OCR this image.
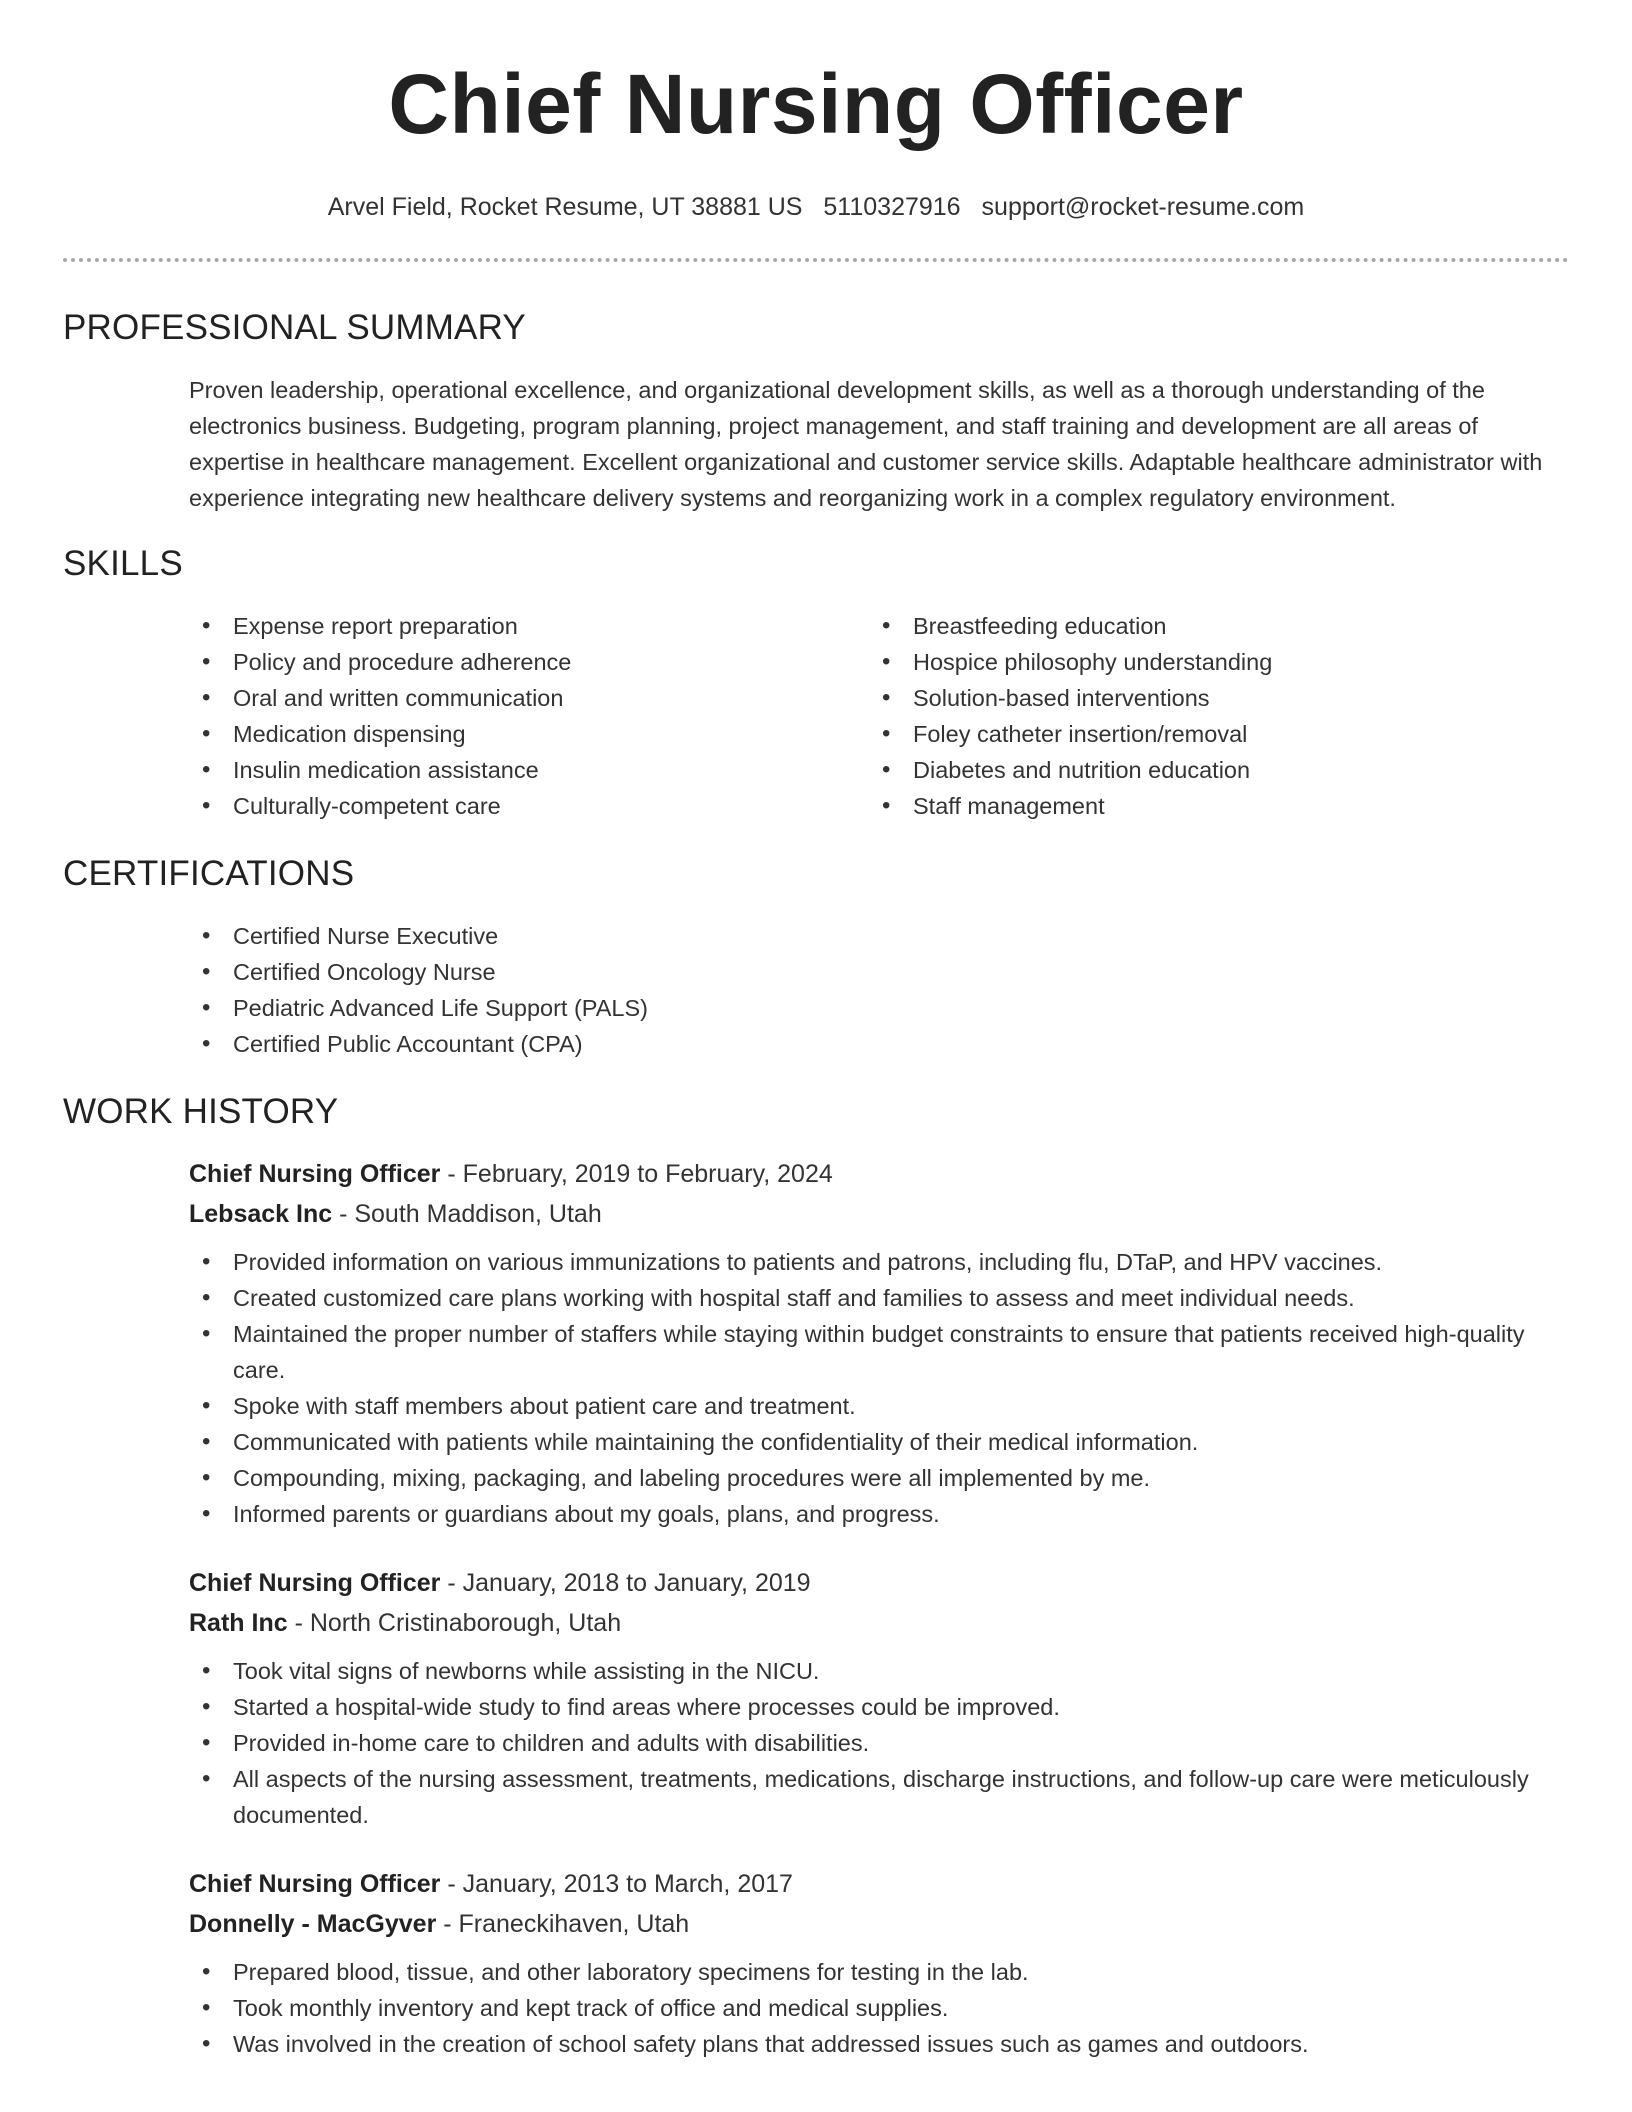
Chief Nursing Officer
Arvel Field, Rocket Resume, UT 38881 US 5110327916 support@rocket-resume.com
PROFESSIONAL SUMMARY

Proven leadership, operational excellence, and organizational development skills, as well as a thorough understanding of the electronics business. Budgeting, program planning, project management, and staff training and development are all areas of expertise in healthcare management. Excellent organizational and customer service skills. Adaptable healthcare administrator with experience integrating new healthcare delivery systems and reorganizing work in a complex regulatory environment.

SKILLS
• Expense report preparation
• Policy and procedure adherence
• Oral and written communication
• Medication dispensing
• Insulin medication assistance
• Culturally-competent care
• Breastfeeding education
• Hospice philosophy understanding
• Solution-based interventions
• Foley catheter insertion/removal
• Diabetes and nutrition education
• Staff management
CERTIFICATIONS
• Certified Nurse Executive
• Certified Oncology Nurse
• Pediatric Advanced Life Support (PALS)
• Certified Public Accountant (CPA)
WORK HISTORY
Chief Nursing Officer - February, 2019 to February, 2024
Lebsack Inc - South Maddison, Utah
• Provided information on various immunizations to patients and patrons, including flu, DTaP, and HPV vaccines.
• Created customized care plans working with hospital staff and families to assess and meet individual needs.
• Maintained the proper number of staffers while staying within budget constraints to ensure that patients received high-quality care.
• Spoke with staff members about patient care and treatment.
• Communicated with patients while maintaining the confidentiality of their medical information.
• Compounding, mixing, packaging, and labeling procedures were all implemented by me.
• Informed parents or guardians about my goals, plans, and progress.
Chief Nursing Officer - January, 2018 to January, 2019
Rath Inc - North Cristinaborough, Utah
• Took vital signs of newborns while assisting in the NICU.
• Started a hospital-wide study to find areas where processes could be improved.
• Provided in-home care to children and adults with disabilities.
• All aspects of the nursing assessment, treatments, medications, discharge instructions, and follow-up care were meticulously documented.
Chief Nursing Officer - January, 2013 to March, 2017
Donnelly - MacGyver - Franeckihaven, Utah
• Prepared blood, tissue, and other laboratory specimens for testing in the lab.
• Took monthly inventory and kept track of office and medical supplies.
• Was involved in the creation of school safety plans that addressed issues such as games and outdoors.
